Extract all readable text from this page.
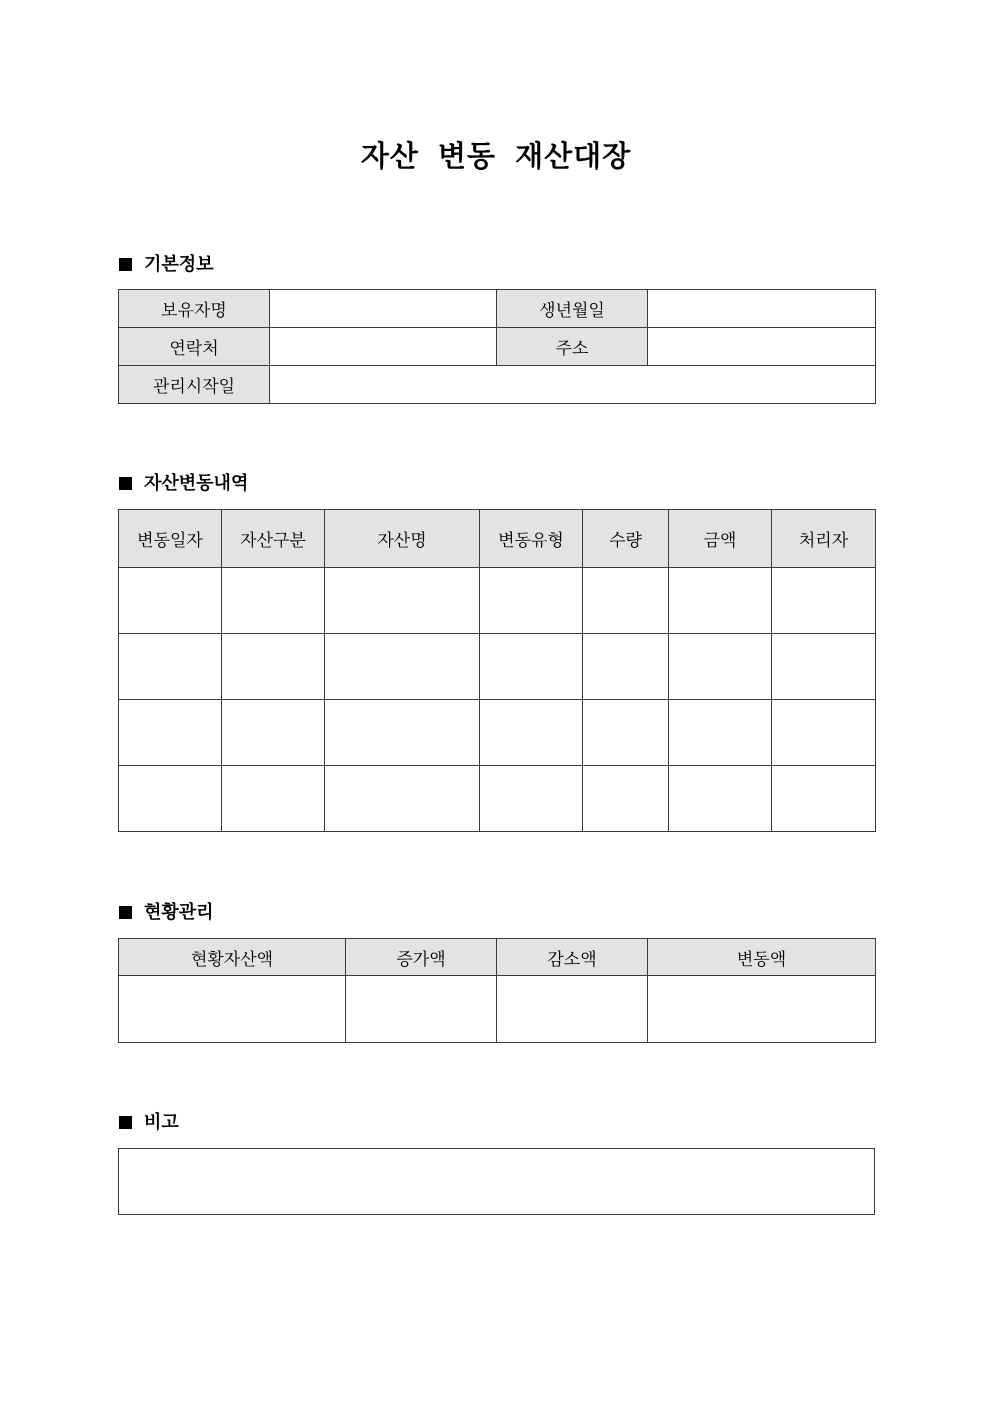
자산 변동 재산대장
기본정보
보유자명		생년월일	
연락처		주소	
관리시작일			
자산변동내역
변동일자	자산구분	자산명	변동유형	수량	금액	처리자

현황관리
현황자산액	증가액	감소액	변동액

비고
